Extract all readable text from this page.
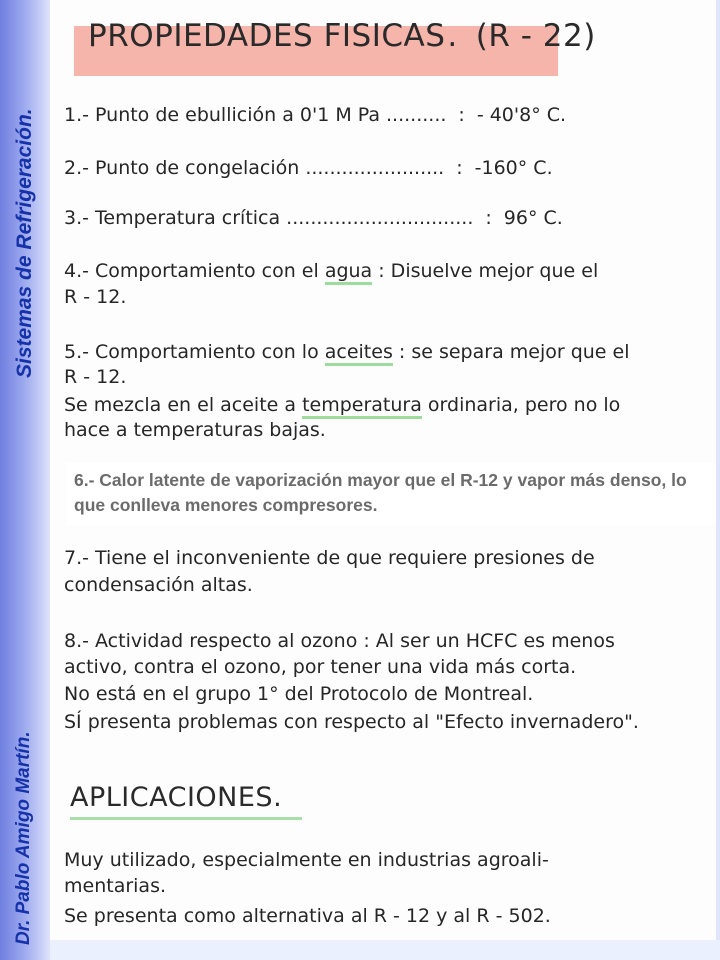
Sistemas de Refrigeración.
Dr. Pablo Amigo Martín.
PROPIEDADES FISICAS. (R - 22)
1.- Punto de ebullición a 0'1 M Pa .......... : - 40'8° C.
2.- Punto de congelación ....................... : -160° C.
3.- Temperatura crítica ............................... : 96° C.
4.- Comportamiento con el agua : Disuelve mejor que el
R - 12.
5.- Comportamiento con lo aceites : se separa mejor que el
R - 12.
Se mezcla en el aceite a temperatura ordinaria, pero no lo
hace a temperaturas bajas.
6.- Calor latente de vaporización mayor que el R-12 y vapor más denso, lo que conlleva menores compresores.
7.- Tiene el inconveniente de que requiere presiones de
condensación altas.
8.- Actividad respecto al ozono : Al ser un HCFC es menos
activo, contra el ozono, por tener una vida más corta.
No está en el grupo 1° del Protocolo de Montreal.
SÍ presenta problemas con respecto al "Efecto invernadero".
APLICACIONES.
Muy utilizado, especialmente en industrias agroali-
mentarias.
Se presenta como alternativa al R - 12 y al R - 502.
